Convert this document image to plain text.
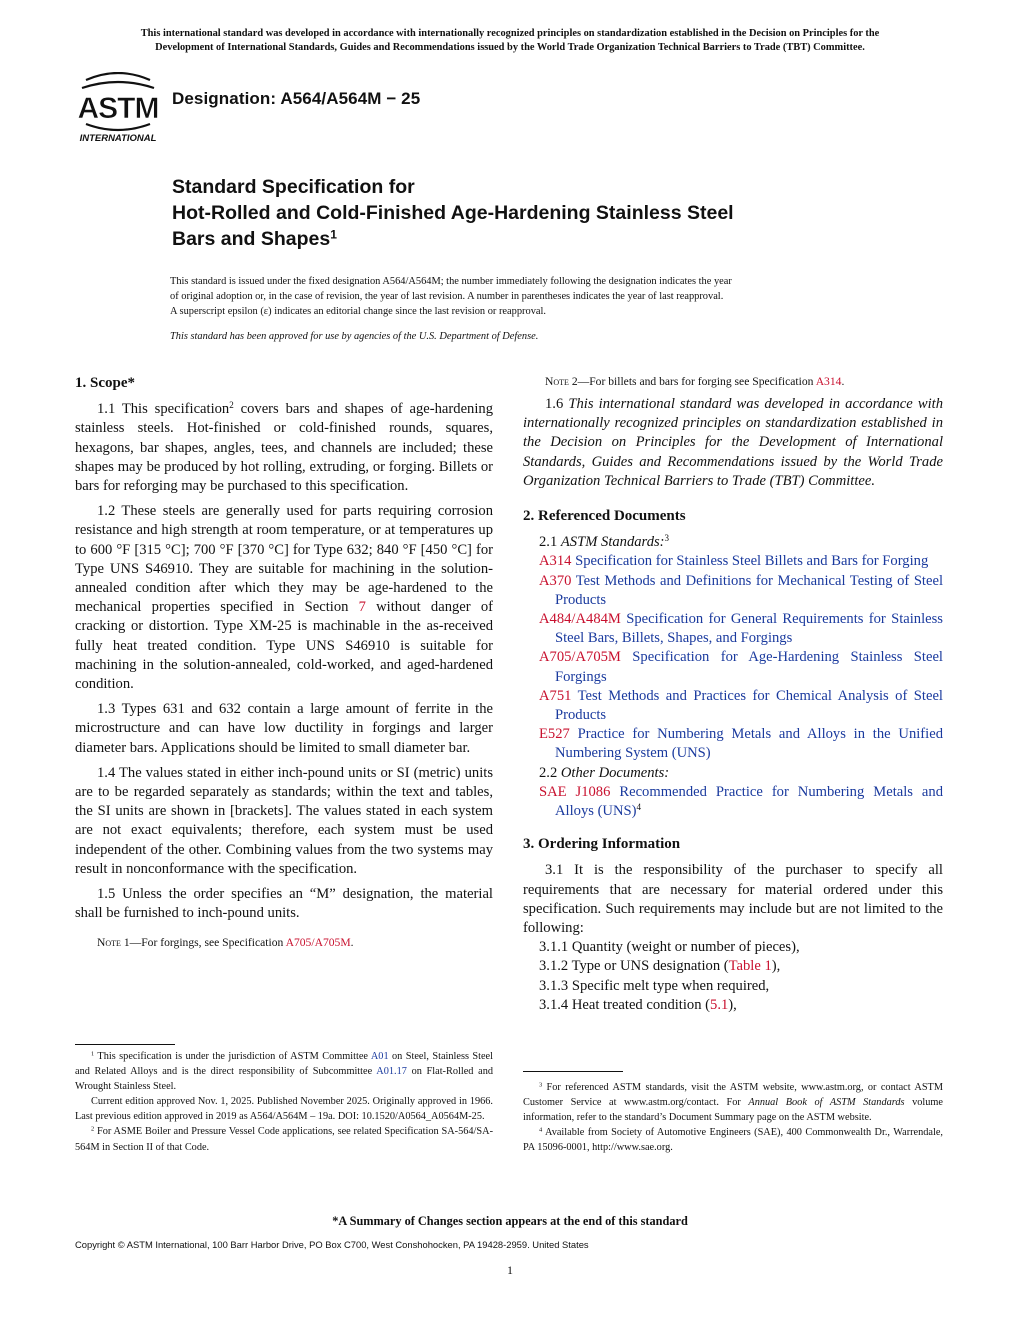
This international standard was developed in accordance with internationally recognized principles on standardization established in the Decision on Principles for the
Development of International Standards, Guides and Recommendations issued by the World Trade Organization Technical Barriers to Trade (TBT) Committee.
ASTM
INTERNATIONAL
Designation: A564/A564M − 25
Standard Specification for
Hot-Rolled and Cold-Finished Age-Hardening Stainless Steel
Bars and Shapes$^1$

This standard is issued under the fixed designation A564/A564M; the number immediately following the designation indicates the year

of original adoption or, in the case of revision, the year of last revision. A number in parentheses indicates the year of last reapproval.

A superscript epsilon (ε) indicates an editorial change since the last revision or reapproval.

This standard has been approved for use by agencies of the U.S. Department of Defense.

1. Scope*

1.1 This specification$^2$ covers bars and shapes of age-hardening stainless steels. Hot-finished or cold-finished rounds, squares, hexagons, bar shapes, angles, tees, and channels are included; these shapes may be produced by hot rolling, extruding, or forging. Billets or bars for reforging may be purchased to this specification.

1.2 These steels are generally used for parts requiring corrosion resistance and high strength at room temperature, or at temperatures up to 600 °F [315 °C]; 700 °F [370 °C] for Type 632; 840 °F [450 °C] for Type UNS S46910. They are suitable for machining in the solution-annealed condition after which they may be age-hardened to the mechanical properties specified in Section 7 without danger of cracking or distortion. Type XM-25 is machinable in the as-received fully heat treated condition. Type UNS S46910 is suitable for machining in the solution-annealed, cold-worked, and aged-hardened condition.

1.3 Types 631 and 632 contain a large amount of ferrite in the microstructure and can have low ductility in forgings and larger diameter bars. Applications should be limited to small diameter bar.

1.4 The values stated in either inch-pound units or SI (metric) units are to be regarded separately as standards; within the text and tables, the SI units are shown in [brackets]. The values stated in each system are not exact equivalents; therefore, each system must be used independent of the other. Combining values from the two systems may result in nonconformance with the specification.

1.5 Unless the order specifies an “M” designation, the material shall be furnished to inch-pound units.

Note 1—For forgings, see Specification A705/A705M.

Note 2—For billets and bars for forging see Specification A314.

1.6 This international standard was developed in accordance with internationally recognized principles on standardization established in the Decision on Principles for the Development of International Standards, Guides and Recommendations issued by the World Trade Organization Technical Barriers to Trade (TBT) Committee.

2. Referenced Documents

2.1 ASTM Standards:$^3$

A314 Specification for Stainless Steel Billets and Bars for Forging

A370 Test Methods and Definitions for Mechanical Testing of Steel Products

A484/A484M Specification for General Requirements for Stainless Steel Bars, Billets, Shapes, and Forgings

A705/A705M Specification for Age-Hardening Stainless Steel Forgings

A751 Test Methods and Practices for Chemical Analysis of Steel Products

E527 Practice for Numbering Metals and Alloys in the Unified Numbering System (UNS)

2.2 Other Documents:

SAE J1086 Recommended Practice for Numbering Metals and Alloys (UNS)$^4$

3. Ordering Information

3.1 It is the responsibility of the purchaser to specify all requirements that are necessary for material ordered under this specification. Such requirements may include but are not limited to the following:

3.1.1 Quantity (weight or number of pieces),

3.1.2 Type or UNS designation (Table 1),

3.1.3 Specific melt type when required,

3.1.4 Heat treated condition (5.1),

$^1$ This specification is under the jurisdiction of ASTM Committee A01 on Steel, Stainless Steel and Related Alloys and is the direct responsibility of Subcommittee A01.17 on Flat-Rolled and Wrought Stainless Steel.

Current edition approved Nov. 1, 2025. Published November 2025. Originally approved in 1966. Last previous edition approved in 2019 as A564/A564M – 19a. DOI: 10.1520/A0564_A0564M-25.

$^2$ For ASME Boiler and Pressure Vessel Code applications, see related Specification SA-564/SA-564M in Section II of that Code.

$^3$ For referenced ASTM standards, visit the ASTM website, www.astm.org, or contact ASTM Customer Service at www.astm.org/contact. For Annual Book of ASTM Standards volume information, refer to the standard’s Document Summary page on the ASTM website.

$^4$ Available from Society of Automotive Engineers (SAE), 400 Commonwealth Dr., Warrendale, PA 15096-0001, http://www.sae.org.

*A Summary of Changes section appears at the end of this standard
Copyright © ASTM International, 100 Barr Harbor Drive, PO Box C700, West Conshohocken, PA 19428-2959. United States
1
